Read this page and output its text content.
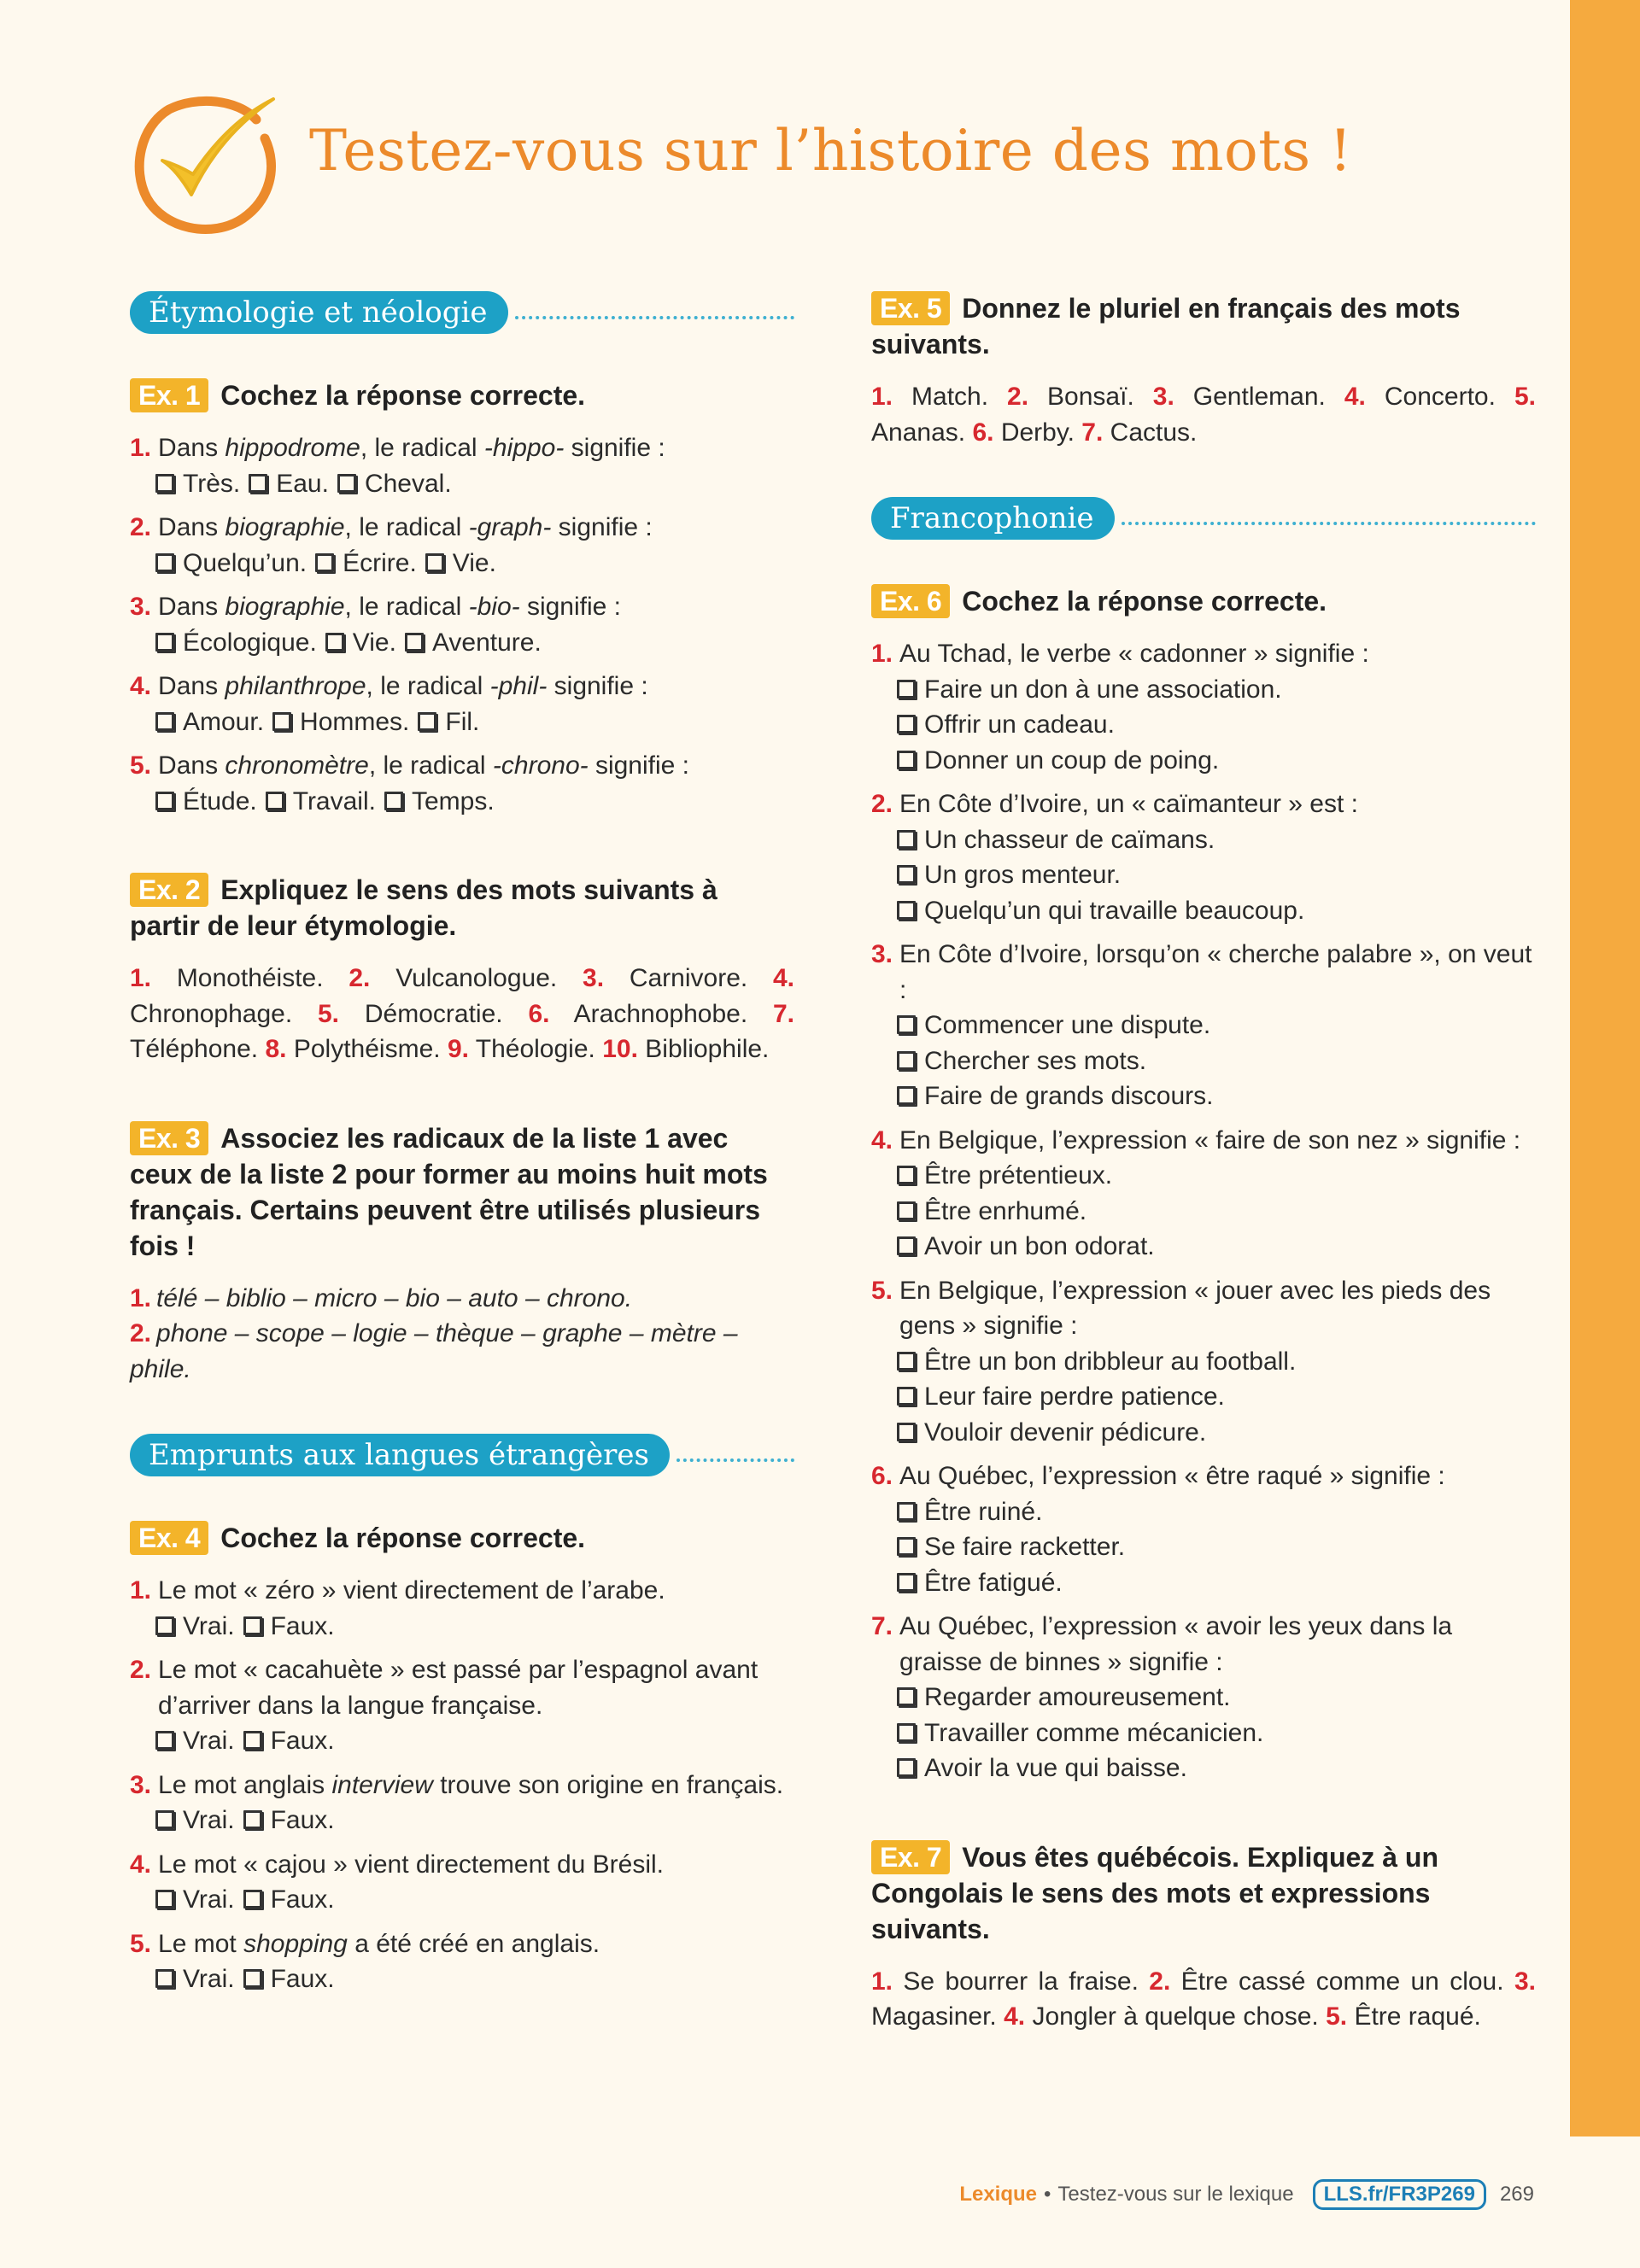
Testez-vous sur l’histoire des mots !
Étymologie et néologie
Ex. 1 Cochez la réponse correcte.
1. Dans hippodrome, le radical -hippo- signifie :
Très. Eau. Cheval.
2. Dans biographie, le radical -graph- signifie :
Quelqu’un. Écrire. Vie.
3. Dans biographie, le radical -bio- signifie :
Écologique. Vie. Aventure.
4. Dans philanthrope, le radical -phil- signifie :
Amour. Hommes. Fil.
5. Dans chronomètre, le radical -chrono- signifie :
Étude. Travail. Temps.
Ex. 2 Expliquez le sens des mots suivants à partir de leur étymologie.
1. Monothéiste. 2. Vulcanologue. 3. Carnivore. 4. Chronophage. 5. Démocratie. 6. Arachnophobe. 7. Téléphone. 8. Polythéisme. 9. Théologie. 10. Bibliophile.
Ex. 3 Associez les radicaux de la liste 1 avec ceux de la liste 2 pour former au moins huit mots français. Certains peuvent être utilisés plusieurs fois !
1. télé – biblio – micro – bio – auto – chrono.
2. phone – scope – logie – thèque – graphe – mètre – phile.
Emprunts aux langues étrangères
Ex. 4 Cochez la réponse correcte.
1. Le mot « zéro » vient directement de l’arabe.
Vrai. Faux.
2. Le mot « cacahuète » est passé par l’espagnol avant d’arriver dans la langue française.
Vrai. Faux.
3. Le mot anglais interview trouve son origine en français.
Vrai. Faux.
4. Le mot « cajou » vient directement du Brésil.
Vrai. Faux.
5. Le mot shopping a été créé en anglais.
Vrai. Faux.
Ex. 5 Donnez le pluriel en français des mots suivants.
1. Match. 2. Bonsaï. 3. Gentleman. 4. Concerto. 5. Ananas. 6. Derby. 7. Cactus.
Francophonie
Ex. 6 Cochez la réponse correcte.
1. Au Tchad, le verbe « cadonner » signifie :
Faire un don à une association.
Offrir un cadeau.
Donner un coup de poing.
2. En Côte d’Ivoire, un « caïmanteur » est :
Un chasseur de caïmans.
Un gros menteur.
Quelqu’un qui travaille beaucoup.
3. En Côte d’Ivoire, lorsqu’on « cherche palabre », on veut :
Commencer une dispute.
Chercher ses mots.
Faire de grands discours.
4. En Belgique, l’expression « faire de son nez » signifie :
Être prétentieux.
Être enrhumé.
Avoir un bon odorat.
5. En Belgique, l’expression « jouer avec les pieds des gens » signifie :
Être un bon dribbleur au football.
Leur faire perdre patience.
Vouloir devenir pédicure.
6. Au Québec, l’expression « être raqué » signifie :
Être ruiné.
Se faire racketter.
Être fatigué.
7. Au Québec, l’expression « avoir les yeux dans la graisse de binnes » signifie :
Regarder amoureusement.
Travailler comme mécanicien.
Avoir la vue qui baisse.
Ex. 7 Vous êtes québécois. Expliquez à un Congolais le sens des mots et expressions suivants.
1. Se bourrer la fraise. 2. Être cassé comme un clou. 3. Magasiner. 4. Jongler à quelque chose. 5. Être raqué.
Lexique • Testez-vous sur le lexique	LLS.fr/FR3P269	269
